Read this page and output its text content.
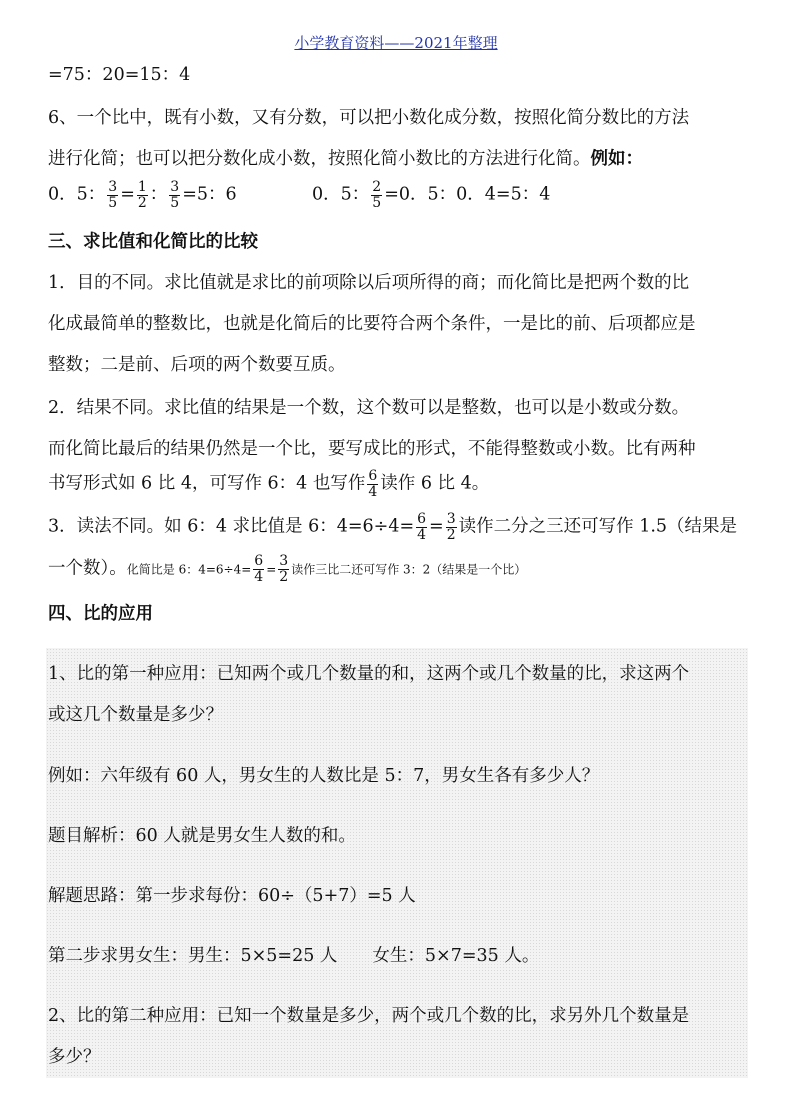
小学教育资料——2021年整理
=75：20=15：4
6、一个比中，既有小数，又有分数，可以把小数化成分数，按照化简分数比的方法
进行化简；也可以把分数化成小数，按照化简小数比的方法进行化简。例如：
0．5： $\frac{3}{5} = \frac{1}{2}$ ： $\frac{3}{5} =5$：6	0．5： $\frac{2}{5} =0$．5：0．4=5：4
三、求比值和化简比的比较
1．目的不同。求比值就是求比的前项除以后项所得的商；而化简比是把两个数的比
化成最简单的整数比，也就是化简后的比要符合两个条件，一是比的前、后项都应是
整数；二是前、后项的两个数要互质。
2．结果不同。求比值的结果是一个数，这个数可以是整数，也可以是小数或分数。
而化简比最后的结果仍然是一个比，要写成比的形式，不能得整数或小数。比有两种
书写形式如 6 比 4，可写作 6：4 也写作 $\frac{6}{4}$ 读作 6 比 4。
3．读法不同。如 6：4 求比值是 6：$4=6\div 4= \frac{6}{4} = \frac{3}{2}$ 读作二分之三还可写作 1.5（结果是
一个数）。化简比是 6：$4=6\div 4= \frac{6}{4} = \frac{3}{2}$ 读作三比二还可写作 3：2（结果是一个比）
四、比的应用
1、比的第一种应用：已知两个或几个数量的和，这两个或几个数量的比，求这两个
或这几个数量是多少？
例如：六年级有 60 人，男女生的人数比是 5：7，男女生各有多少人？
题目解析：60 人就是男女生人数的和。
解题思路：第一步求每份：60÷（5+7）=5 人
第二步求男女生：男生：5×5=25 人　　女生：5×7=35 人。
2、比的第二种应用：已知一个数量是多少，两个或几个数的比，求另外几个数量是
多少？
